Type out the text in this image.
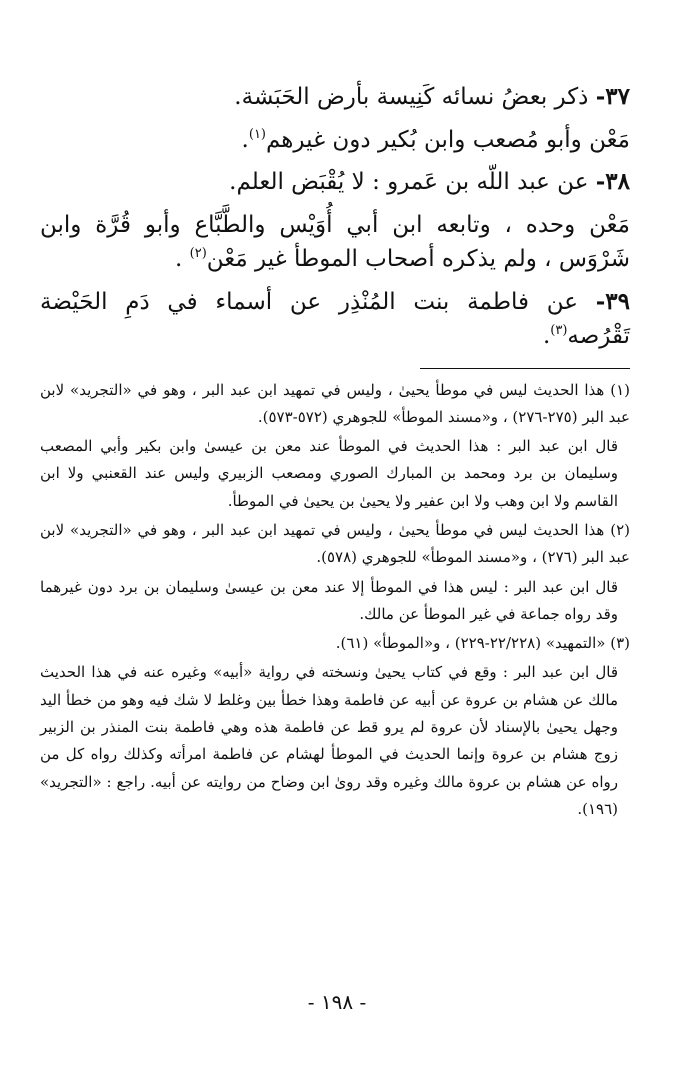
٣٧- ذكر بعضُ نسائه كَنِيسة بأرض الحَبَشة.

مَعْن وأبو مُصعب وابن بُكير دون غيرهم$^{(١)}$.

٣٨- عن عبد اللّه بن عَمرو : لا يُقْبَض العلم.

مَعْن وحده ، وتابعه ابن أبي أُوَيْس والطَّبَّاع وأبو قُرَّة وابن شَرْوَس ، ولم يذكره أصحاب الموطأ غير مَعْن$^{(٢)}$ .

٣٩- عن فاطمة بنت المُنْذِر عن أسماء في دَمِ الحَيْضة تَقْرُصه$^{(٣)}$.

(١) هذا الحديث ليس في موطأ يحيىٰ ، وليس في تمهيد ابن عبد البر ، وهو في «التجريد» لابن عبد البر (٢٧٥-٢٧٦) ، و«مسند الموطأ» للجوهري (٥٧٢-٥٧٣).

قال ابن عبد البر : هذا الحديث في الموطأ عند معن بن عيسىٰ وابن بكير وأبي المصعب وسليمان بن برد ومحمد بن المبارك الصوري ومصعب الزبيري وليس عند القعنبي ولا ابن القاسم ولا ابن وهب ولا ابن عفير ولا يحيىٰ بن يحيىٰ في الموطأ.

(٢) هذا الحديث ليس في موطأ يحيىٰ ، وليس في تمهيد ابن عبد البر ، وهو في «التجريد» لابن عبد البر (٢٧٦) ، و«مسند الموطأ» للجوهري (٥٧٨).

قال ابن عبد البر : ليس هذا في الموطأ إلا عند معن بن عيسىٰ وسليمان بن برد دون غيرهما وقد رواه جماعة في غير الموطأ عن مالك.

(٣) «التمهيد» (٢٢/٢٢٨-٢٢٩) ، و«الموطأ» (٦١).

قال ابن عبد البر : وقع في كتاب يحيىٰ ونسخته في رواية «أبيه» وغيره عنه في هذا الحديث مالك عن هشام بن عروة عن أبيه عن فاطمة وهذا خطأ بين وغلط لا شك فيه وهو من خطأ اليد وجهل يحيىٰ بالإسناد لأن عروة لم يرو قط عن فاطمة هذه وهي فاطمة بنت المنذر بن الزبير زوج هشام بن عروة وإنما الحديث في الموطأ لهشام عن فاطمة امرأته وكذلك رواه كل من رواه عن هشام بن عروة مالك وغيره وقد روىٰ ابن وضاح من روايته عن أبيه. راجع : «التجريد» (١٩٦).

- ١٩٨ -
